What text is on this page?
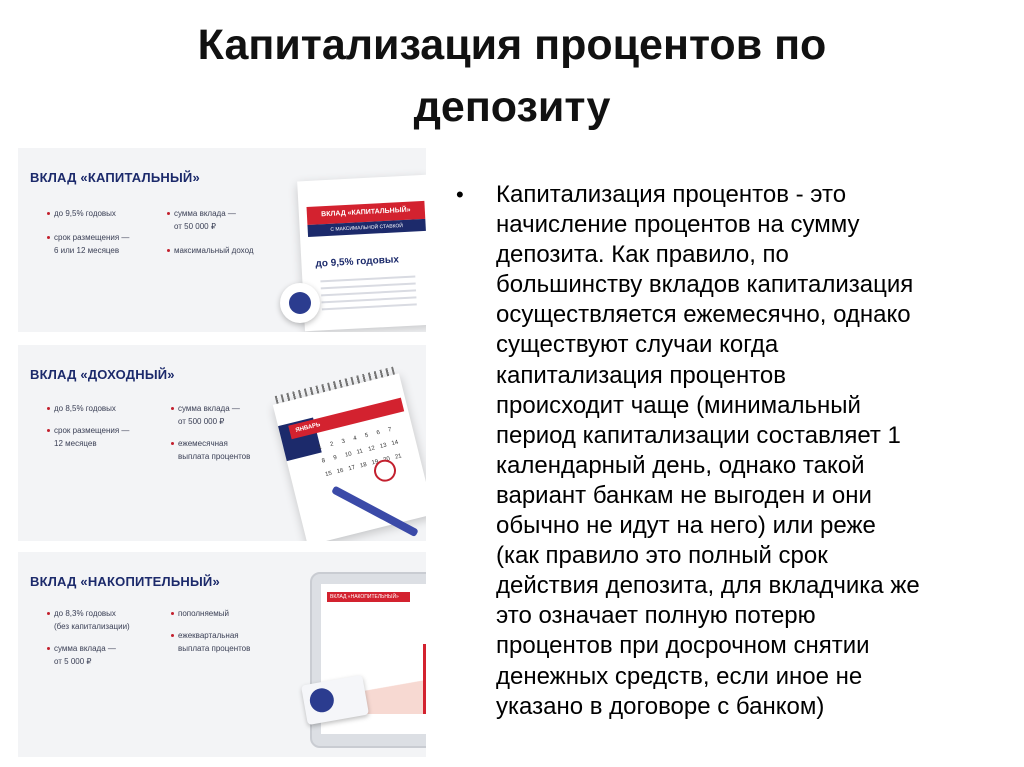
Капитализация процентов по
депозиту
ВКЛАД «КАПИТАЛЬНЫЙ»
до 9,5% годовых
срок размещения —
6 или 12 месяцев
сумма вклада —
от 50 000 ₽
максимальный доход
ВКЛАД «КАПИТАЛЬНЫЙ»
С МАКСИМАЛЬНОЙ СТАВКОЙ
до 9,5% годовых
ВКЛАД «ДОХОДНЫЙ»
до 8,5% годовых
срок размещения —
12 месяцев
сумма вклада —
от 500 000 ₽
ежемесячная
выплата процентов
ЯНВАРЬ
1	2	3	4	5	6	7
8	9	10 11 12 13 14
15 16 17 18 19 20 21
ВКЛАД «НАКОПИТЕЛЬНЫЙ»
до 8,3% годовых
(без капитализации)
сумма вклада —
от 5 000 ₽
пополняемый
ежеквартальная
выплата процентов
ВКЛАД «НАКОПИТЕЛЬНЫЙ»
• Капитализация процентов - это
начисление процентов на сумму
депозита. Как правило, по
большинству вкладов капитализация
осуществляется ежемесячно, однако
существуют случаи когда
капитализация процентов
происходит чаще (минимальный
период капитализации составляет 1
календарный день, однако такой
вариант банкам не выгоден и они
обычно не идут на него) или реже
(как правило это полный срок
действия депозита, для вкладчика же
это означает полную потерю
процентов при досрочном снятии
денежных средств, если иное не
указано в договоре с банком)
